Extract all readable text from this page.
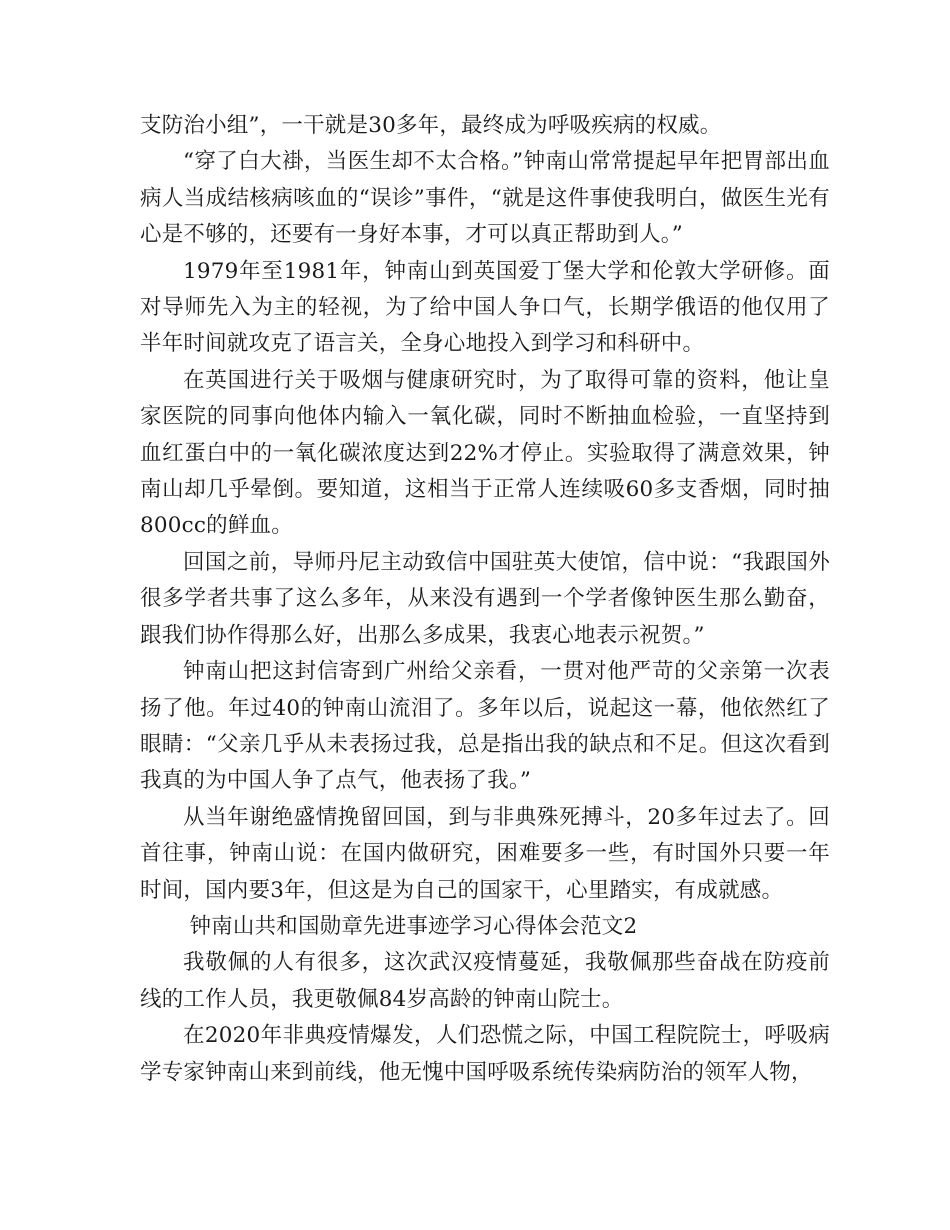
支防治小组”，一干就是30多年，最终成为呼吸疾病的权威。

“穿了白大褂，当医生却不太合格。”钟南山常常提起早年把胃部出血病人当成结核病咳血的“误诊”事件，“就是这件事使我明白，做医生光有心是不够的，还要有一身好本事，才可以真正帮助到人。”

1979年至1981年，钟南山到英国爱丁堡大学和伦敦大学研修。面对导师先入为主的轻视，为了给中国人争口气，长期学俄语的他仅用了半年时间就攻克了语言关，全身心地投入到学习和科研中。

在英国进行关于吸烟与健康研究时，为了取得可靠的资料，他让皇家医院的同事向他体内输入一氧化碳，同时不断抽血检验，一直坚持到血红蛋白中的一氧化碳浓度达到22%才停止。实验取得了满意效果，钟南山却几乎晕倒。要知道，这相当于正常人连续吸60多支香烟，同时抽800cc的鲜血。

回国之前，导师丹尼主动致信中国驻英大使馆，信中说：“我跟国外很多学者共事了这么多年，从来没有遇到一个学者像钟医生那么勤奋，跟我们协作得那么好，出那么多成果，我衷心地表示祝贺。”

钟南山把这封信寄到广州给父亲看，一贯对他严苛的父亲第一次表扬了他。年过40的钟南山流泪了。多年以后，说起这一幕，他依然红了眼睛：“父亲几乎从未表扬过我，总是指出我的缺点和不足。但这次看到我真的为中国人争了点气，他表扬了我。”

从当年谢绝盛情挽留回国，到与非典殊死搏斗，20多年过去了。回首往事，钟南山说：在国内做研究，困难要多一些，有时国外只要一年时间，国内要3年，但这是为自己的国家干，心里踏实，有成就感。

钟南山共和国勋章先进事迹学习心得体会范文2

我敬佩的人有很多，这次武汉疫情蔓延，我敬佩那些奋战在防疫前线的工作人员，我更敬佩84岁高龄的钟南山院士。

在2020年非典疫情爆发，人们恐慌之际，中国工程院院士，呼吸病学专家钟南山来到前线，他无愧中国呼吸系统传染病防治的领军人物，
